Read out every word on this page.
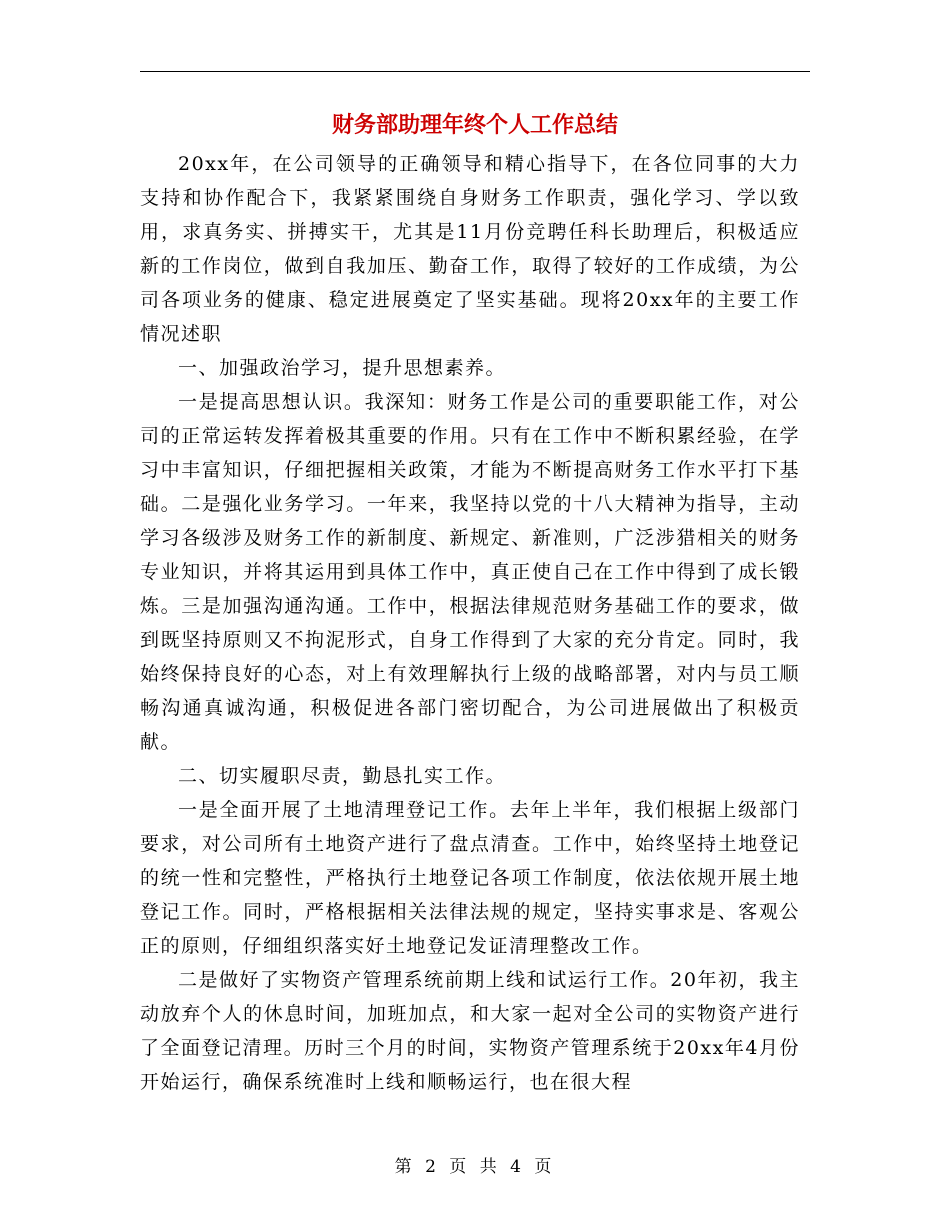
财务部助理年终个人工作总结

20xx年，在公司领导的正确领导和精心指导下，在各位同事的大力支持和协作配合下，我紧紧围绕自身财务工作职责，强化学习、学以致用，求真务实、拼搏实干，尤其是11月份竞聘任科长助理后，积极适应新的工作岗位，做到自我加压、勤奋工作，取得了较好的工作成绩，为公司各项业务的健康、稳定进展奠定了坚实基础。现将20xx年的主要工作情况述职

一、加强政治学习，提升思想素养。

一是提高思想认识。我深知：财务工作是公司的重要职能工作，对公司的正常运转发挥着极其重要的作用。只有在工作中不断积累经验，在学习中丰富知识，仔细把握相关政策，才能为不断提高财务工作水平打下基础。二是强化业务学习。一年来，我坚持以党的十八大精神为指导，主动学习各级涉及财务工作的新制度、新规定、新准则，广泛涉猎相关的财务专业知识，并将其运用到具体工作中，真正使自己在工作中得到了成长锻炼。三是加强沟通沟通。工作中，根据法律规范财务基础工作的要求，做到既坚持原则又不拘泥形式，自身工作得到了大家的充分肯定。同时，我始终保持良好的心态，对上有效理解执行上级的战略部署，对内与员工顺畅沟通真诚沟通，积极促进各部门密切配合，为公司进展做出了积极贡献。

二、切实履职尽责，勤恳扎实工作。

一是全面开展了土地清理登记工作。去年上半年，我们根据上级部门要求，对公司所有土地资产进行了盘点清查。工作中，始终坚持土地登记的统一性和完整性，严格执行土地登记各项工作制度，依法依规开展土地登记工作。同时，严格根据相关法律法规的规定，坚持实事求是、客观公正的原则，仔细组织落实好土地登记发证清理整改工作。

二是做好了实物资产管理系统前期上线和试运行工作。20年初，我主动放弃个人的休息时间，加班加点，和大家一起对全公司的实物资产进行了全面登记清理。历时三个月的时间，实物资产管理系统于20xx年4月份开始运行，确保系统准时上线和顺畅运行，也在很大程

第 2 页 共 4 页
